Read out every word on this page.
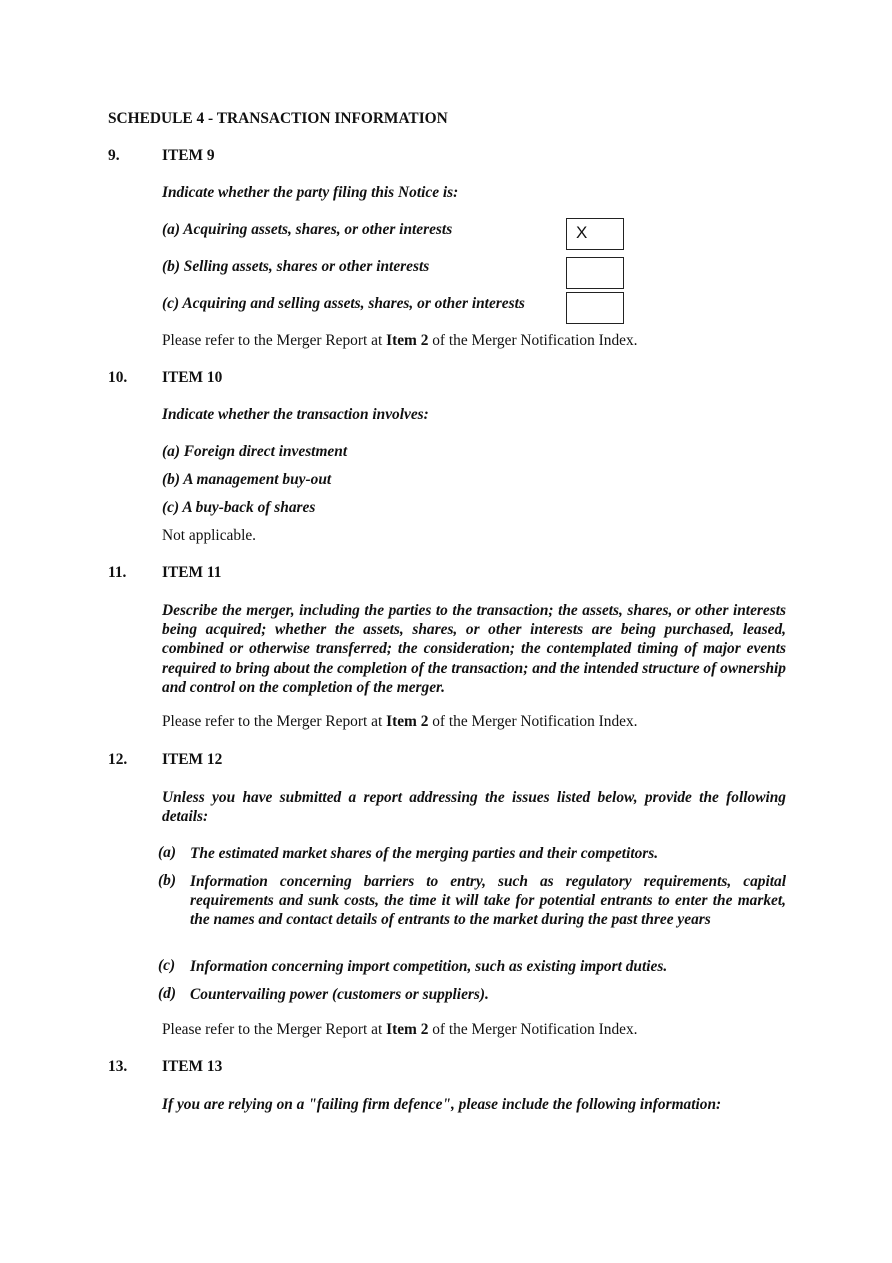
SCHEDULE 4 - TRANSACTION INFORMATION
9.	ITEM 9
Indicate whether the party filing this Notice is:
(a) Acquiring assets, shares, or other interests	X
(b) Selling assets, shares or other interests
(c) Acquiring and selling assets, shares, or other interests
Please refer to the Merger Report at Item 2 of the Merger Notification Index.
10. ITEM 10
Indicate whether the transaction involves:
(a) Foreign direct investment
(b) A management buy-out
(c) A buy-back of shares
Not applicable.
11. ITEM 11
Describe the merger, including the parties to the transaction; the assets, shares, or other interests being acquired; whether the assets, shares, or other interests are being purchased, leased, combined or otherwise transferred; the consideration; the contemplated timing of major events required to bring about the completion of the transaction; and the intended structure of ownership and control on the completion of the merger.
Please refer to the Merger Report at Item 2 of the Merger Notification Index.
12. ITEM 12
Unless you have submitted a report addressing the issues listed below, provide the following details:
(a) The estimated market shares of the merging parties and their competitors.
(b) Information concerning barriers to entry, such as regulatory requirements, capital requirements and sunk costs, the time it will take for potential entrants to enter the market, the names and contact details of entrants to the market during the past three years
(c) Information concerning import competition, such as existing import duties.
(d) Countervailing power (customers or suppliers).
Please refer to the Merger Report at Item 2 of the Merger Notification Index.
13. ITEM 13
If you are relying on a "failing firm defence", please include the following information:
